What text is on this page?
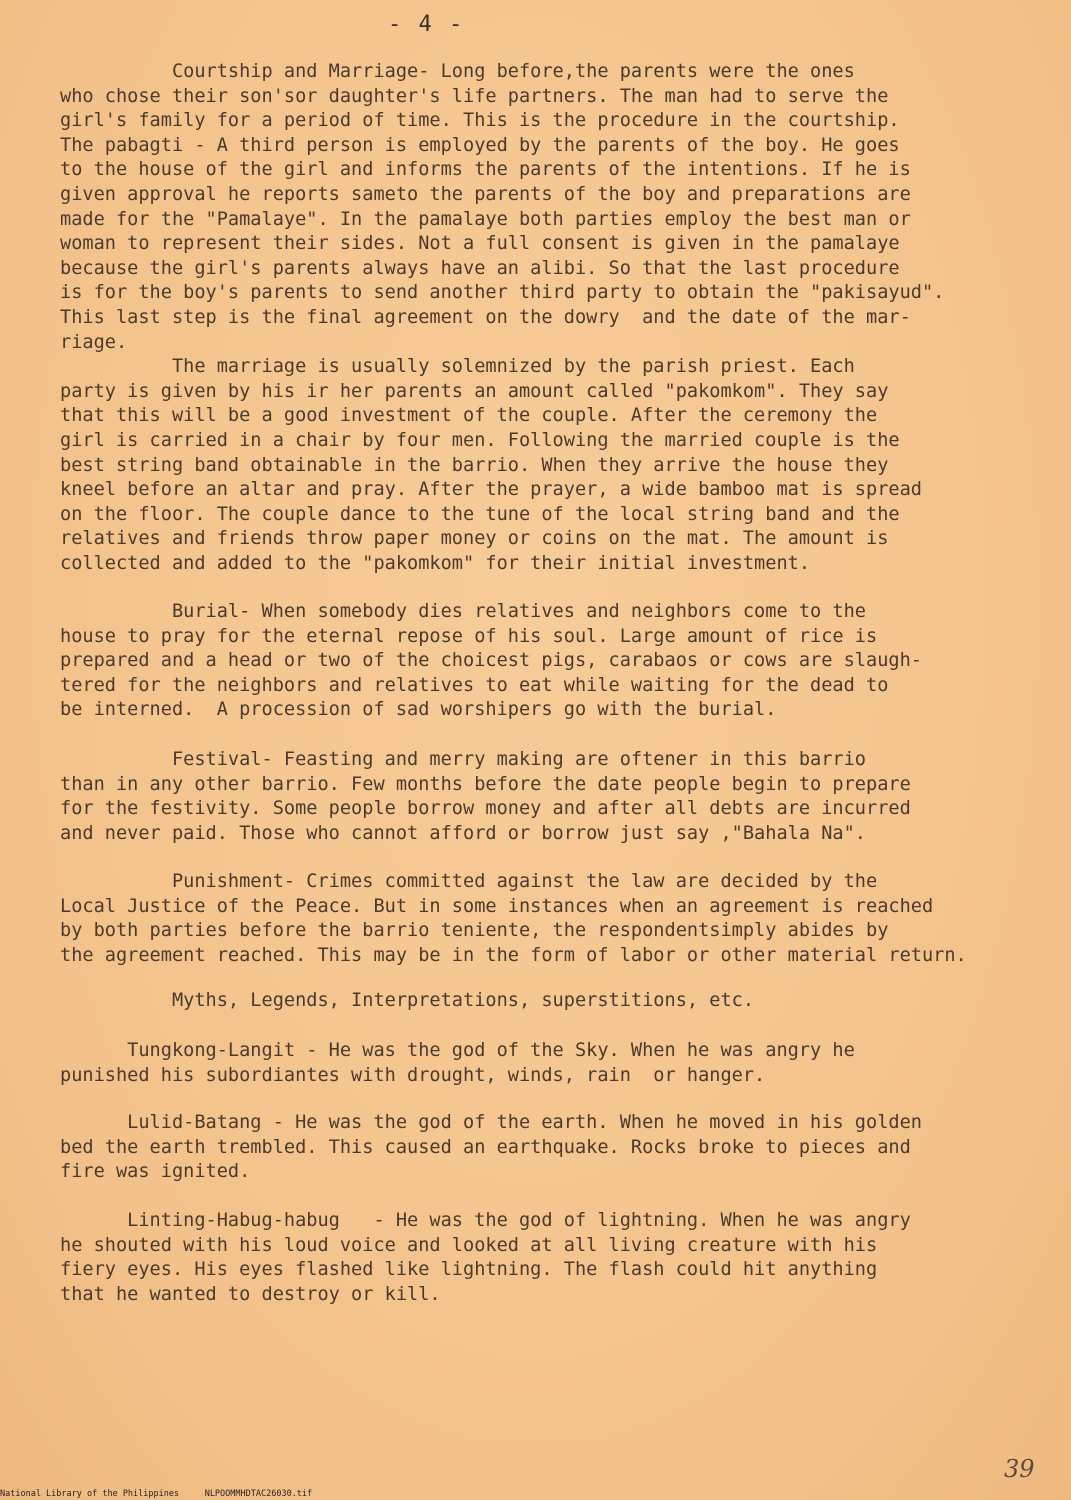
- 4 -
Courtship and Marriage- Long before,the parents were the ones
who chose their son'sor daughter's life partners. The man had to serve the
girl's family for a period of time. This is the procedure in the courtship.
The pabagti - A third person is employed by the parents of the boy. He goes
to the house of the girl and informs the parents of the intentions. If he is
given approval he reports sameto the parents of the boy and preparations are
made for the "Pamalaye". In the pamalaye both parties employ the best man or
woman to represent their sides. Not a full consent is given in the pamalaye
because the girl's parents always have an alibi. So that the last procedure
is for the boy's parents to send another third party to obtain the "pakisayud".
This last step is the final agreement on the dowry  and the date of the mar-
riage.
The marriage is usually solemnized by the parish priest. Each
party is given by his ir her parents an amount called "pakomkom". They say
that this will be a good investment of the couple. After the ceremony the
girl is carried in a chair by four men. Following the married couple is the
best string band obtainable in the barrio. When they arrive the house they
kneel before an altar and pray. After the prayer, a wide bamboo mat is spread
on the floor. The couple dance to the tune of the local string band and the
relatives and friends throw paper money or coins on the mat. The amount is
collected and added to the "pakomkom" for their initial investment.
Burial- When somebody dies relatives and neighbors come to the
house to pray for the eternal repose of his soul. Large amount of rice is
prepared and a head or two of the choicest pigs, carabaos or cows are slaugh-
tered for the neighbors and relatives to eat while waiting for the dead to
be interned.  A procession of sad worshipers go with the burial.
Festival- Feasting and merry making are oftener in this barrio
than in any other barrio. Few months before the date people begin to prepare
for the festivity. Some people borrow money and after all debts are incurred
and never paid. Those who cannot afford or borrow just say ,"Bahala Na".
Punishment- Crimes committed against the law are decided by the
Local Justice of the Peace. But in some instances when an agreement is reached
by both parties before the barrio teniente, the respondentsimply abides by
the agreement reached. This may be in the form of labor or other material return.
Myths, Legends, Interpretations, superstitions, etc.
Tungkong-Langit - He was the god of the Sky. When he was angry he
punished his subordiantes with drought, winds, rain  or hanger.
Lulid-Batang - He was the god of the earth. When he moved in his golden
bed the earth trembled. This caused an earthquake. Rocks broke to pieces and
fire was ignited.
Linting-Habug-habug   - He was the god of lightning. When he was angry
he shouted with his loud voice and looked at all living creature with his
fiery eyes. His eyes flashed like lightning. The flash could hit anything
that he wanted to destroy or kill.
39
National Library of the Philippines     NLPOOMMHDTAC26030.tif
